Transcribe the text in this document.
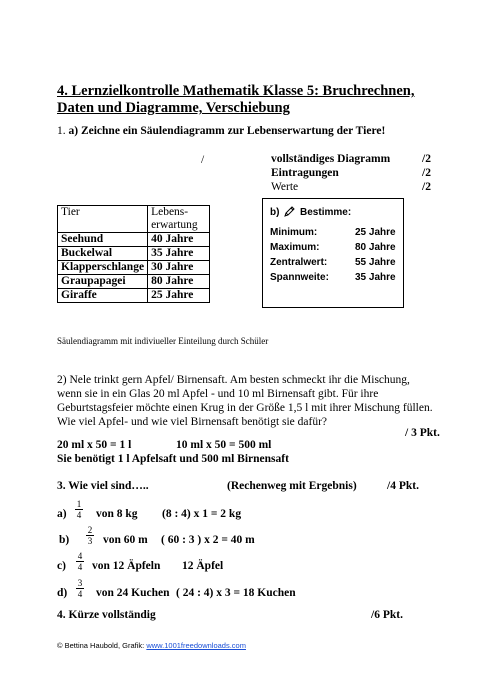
4. Lernzielkontrolle Mathematik Klasse 5: Bruchrechnen,
Daten und Diagramme, Verschiebung
1. a) Zeichne ein Säulendiagramm zur Lebenserwartung der Tiere!
/	vollständiges Diagramm	/2
Eintragungen	/2
Werte	/2
Tier	Lebens-
erwartung
Seehund	40 Jahre
Buckelwal	35 Jahre
Klapperschlange	30 Jahre
Graupapagei	80 Jahre
Giraffe	25 Jahre
b) Bestimme:
Minimum:	25 Jahre
Maximum:	80 Jahre
Zentralwert:	55 Jahre
Spannweite:	35 Jahre
Säulendiagramm mit indiviueller Einteilung durch Schüler
2) Nele trinkt gern Apfel/ Birnensaft. Am besten schmeckt ihr die Mischung, wenn sie in ein Glas 20 ml Apfel - und 10 ml Birnensaft gibt. Für ihre Geburtstagsfeier möchte einen Krug in der Größe 1,5 l mit ihrer Mischung füllen. Wie viel Apfel- und wie viel Birnensaft benötigt sie dafür?
/ 3 Pkt.
20 ml x 50 = 1 l	10 ml x 50 = 500 ml
Sie benötigt 1 l Apfelsaft und 500 ml Birnensaft
3. Wie viel sind…..	(Rechenweg mit Ergebnis)	/4 Pkt.
$a) \frac{1}{4}$ von 8 kg (8 : 4) x 1 = 2 kg
$b) \frac{2}{3}$ von 60 m ( 60 : 3 ) x 2 = 40 m
$c) \frac{4}{4}$ von 12 Äpfeln 12 Äpfel
$d) \frac{3}{4}$ von 24 Kuchen ( 24 : 4) x 3 = 18 Kuchen
4. Kürze vollständig	/6 Pkt.
© Bettina Haubold, Grafik: www.1001freedownloads.com
